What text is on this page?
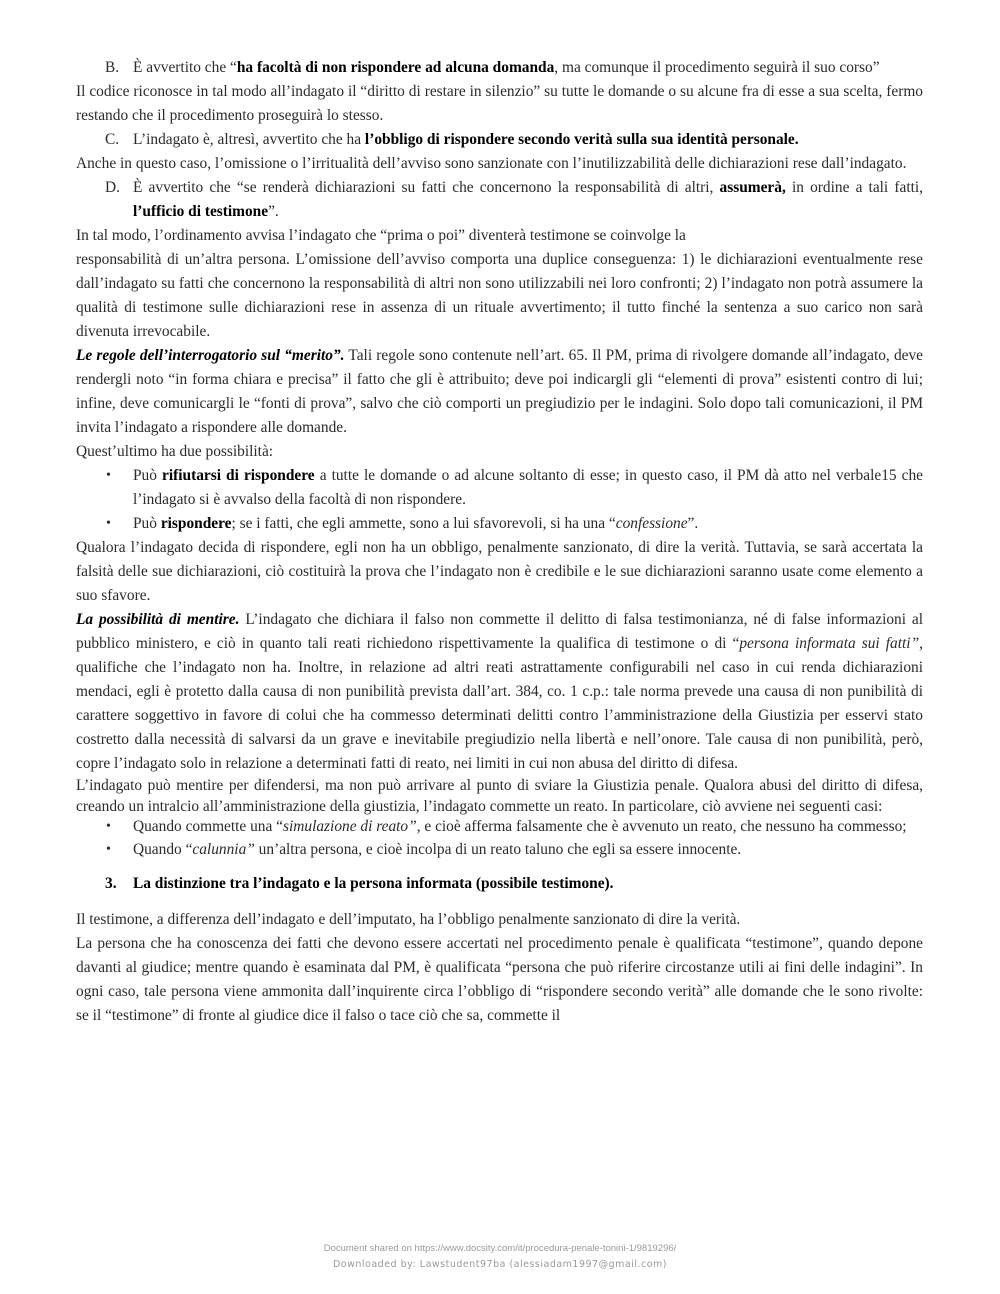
B. È avvertito che “ha facoltà di non rispondere ad alcuna domanda, ma comunque il procedimento seguirà il suo corso”

Il codice riconosce in tal modo all’indagato il “diritto di restare in silenzio” su tutte le domande o su alcune fra di esse a sua scelta, fermo restando che il procedimento proseguirà lo stesso.

C. L’indagato è, altresì, avvertito che ha l’obbligo di rispondere secondo verità sulla sua identità personale.

Anche in questo caso, l’omissione o l’irritualità dell’avviso sono sanzionate con l’inutilizzabilità delle dichiarazioni rese dall’indagato.

D. È avvertito che “se renderà dichiarazioni su fatti che concernono la responsabilità di altri, assumerà, in ordine a tali fatti, l’ufficio di testimone”.

In tal modo, l’ordinamento avvisa l’indagato che “prima o poi” diventerà testimone se coinvolge la

responsabilità di un’altra persona. L’omissione dell’avviso comporta una duplice conseguenza: 1) le dichiarazioni eventualmente rese dall’indagato su fatti che concernono la responsabilità di altri non sono utilizzabili nei loro confronti; 2) l’indagato non potrà assumere la qualità di testimone sulle dichiarazioni rese in assenza di un rituale avvertimento; il tutto finché la sentenza a suo carico non sarà divenuta irrevocabile.

Le regole dell’interrogatorio sul “merito”. Tali regole sono contenute nell’art. 65. Il PM, prima di rivolgere domande all’indagato, deve rendergli noto “in forma chiara e precisa” il fatto che gli è attribuito; deve poi indicargli gli “elementi di prova” esistenti contro di lui; infine, deve comunicargli le “fonti di prova”, salvo che ciò comporti un pregiudizio per le indagini. Solo dopo tali comunicazioni, il PM invita l’indagato a rispondere alle domande.

Quest’ultimo ha due possibilità:

• Può rifiutarsi di rispondere a tutte le domande o ad alcune soltanto di esse; in questo caso, il PM dà atto nel verbale15 che l’indagato si è avvalso della facoltà di non rispondere.
• Può rispondere; se i fatti, che egli ammette, sono a lui sfavorevoli, si ha una “confessione”.

Qualora l’indagato decida di rispondere, egli non ha un obbligo, penalmente sanzionato, di dire la verità. Tuttavia, se sarà accertata la falsità delle sue dichiarazioni, ciò costituirà la prova che l’indagato non è credibile e le sue dichiarazioni saranno usate come elemento a suo sfavore.

La possibilità di mentire. L’indagato che dichiara il falso non commette il delitto di falsa testimonianza, né di false informazioni al pubblico ministero, e ciò in quanto tali reati richiedono rispettivamente la qualifica di testimone o di “persona informata sui fatti”, qualifiche che l’indagato non ha. Inoltre, in relazione ad altri reati astrattamente configurabili nel caso in cui renda dichiarazioni mendaci, egli è protetto dalla causa di non punibilità prevista dall’art. 384, co. 1 c.p.: tale norma prevede una causa di non punibilità di carattere soggettivo in favore di colui che ha commesso determinati delitti contro l’amministrazione della Giustizia per esservi stato costretto dalla necessità di salvarsi da un grave e inevitabile pregiudizio nella libertà e nell’onore. Tale causa di non punibilità, però, copre l’indagato solo in relazione a determinati fatti di reato, nei limiti in cui non abusa del diritto di difesa.

L’indagato può mentire per difendersi, ma non può arrivare al punto di sviare la Giustizia penale. Qualora abusi del diritto di difesa, creando un intralcio all’amministrazione della giustizia, l’indagato commette un reato. In particolare, ciò avviene nei seguenti casi:

• Quando commette una “simulazione di reato”, e cioè afferma falsamente che è avvenuto un reato, che nessuno ha commesso;
• Quando “calunnia” un’altra persona, e cioè incolpa di un reato taluno che egli sa essere innocente.
3. La distinzione tra l’indagato e la persona informata (possibile testimone).

Il testimone, a differenza dell’indagato e dell’imputato, ha l’obbligo penalmente sanzionato di dire la verità.

La persona che ha conoscenza dei fatti che devono essere accertati nel procedimento penale è qualificata “testimone”, quando depone davanti al giudice; mentre quando è esaminata dal PM, è qualificata “persona che può riferire circostanze utili ai fini delle indagini”. In ogni caso, tale persona viene ammonita dall’inquirente circa l’obbligo di “rispondere secondo verità” alle domande che le sono rivolte: se il “testimone” di fronte al giudice dice il falso o tace ciò che sa, commette il

Document shared on https://www.docsity.com/it/procedura-penale-tonini-1/9819296/
Downloaded by: Lawstudent97ba (alessiadam1997@gmail.com)
